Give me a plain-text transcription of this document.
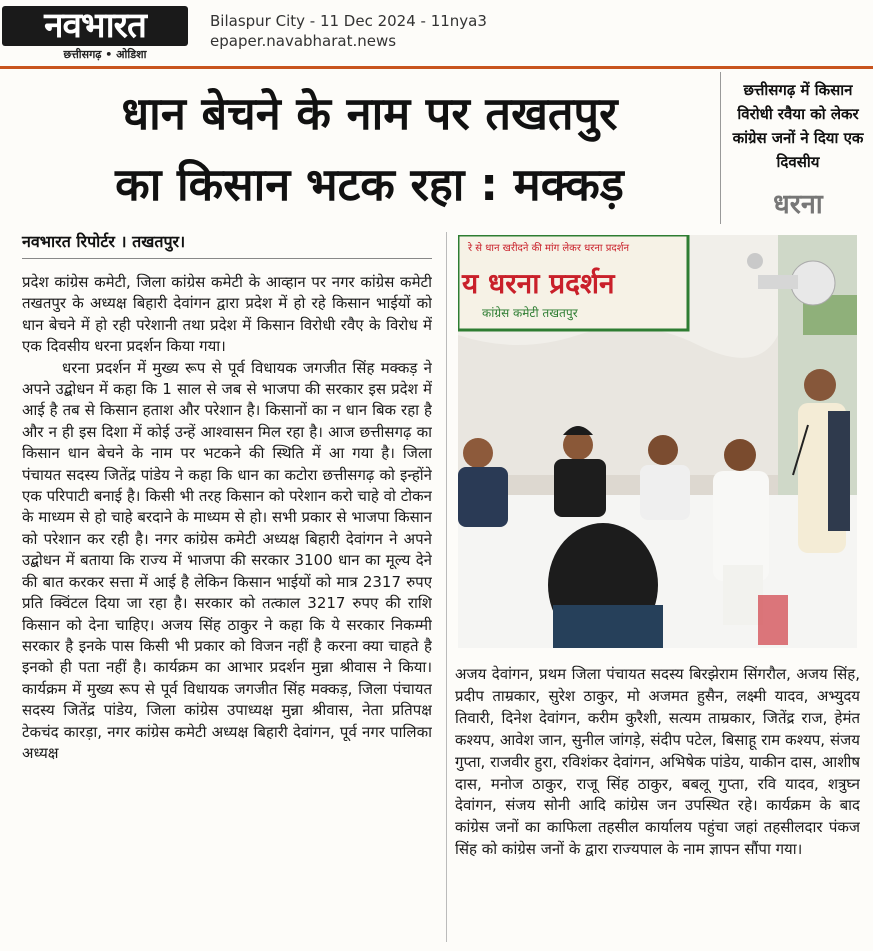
नवभारत
छत्तीसगढ़ • ओडिशा
Bilaspur City - 11 Dec 2024 - 11nya3
epaper.navabharat.news
धान बेचने के नाम पर तखतपुर
का किसान भटक रहा : मक्कड़
छत्तीसगढ़ में किसान विरोधी रवैया को लेकर कांग्रेस जनों ने दिया एक दिवसीय
धरना
नवभारत रिपोर्टर । तखतपुर।

प्रदेश कांग्रेस कमेटी, जिला कांग्रेस कमेटी के आव्हान पर नगर कांग्रेस कमेटी तखतपुर के अध्यक्ष बिहारी देवांगन द्वारा प्रदेश में हो रहे किसान भाईयों को धान बेचने में हो रही परेशानी तथा प्रदेश में किसान विरोधी रवैए के विरोध में एक दिवसीय धरना प्रदर्शन किया गया।

धरना प्रदर्शन में मुख्य रूप से पूर्व विधायक जगजीत सिंह मक्कड़ ने अपने उद्बोधन में कहा कि 1 साल से जब से भाजपा की सरकार इस प्रदेश में आई है तब से किसान हताश और परेशान है। किसानों का न धान बिक रहा है और न ही इस दिशा में कोई उन्हें आश्वासन मिल रहा है। आज छत्तीसगढ़ का किसान धान बेचने के नाम पर भटकने की स्थिति में आ गया है। जिला पंचायत सदस्य जितेंद्र पांडेय ने कहा कि धान का कटोरा छत्तीसगढ़ को इन्होंने एक परिपाटी बनाई है। किसी भी तरह किसान को परेशान करो चाहे वो टोकन के माध्यम से हो चाहे बरदाने के माध्यम से हो। सभी प्रकार से भाजपा किसान को परेशान कर रही है। नगर कांग्रेस कमेटी अध्यक्ष बिहारी देवांगन ने अपने उद्बोधन में बताया कि राज्य में भाजपा की सरकार 3100 धान का मूल्य देने की बात करकर सत्ता में आई है लेकिन किसान भाईयों को मात्र 2317 रुपए प्रति क्विंटल दिया जा रहा है। सरकार को तत्काल 3217 रुपए की राशि किसान को देना चाहिए। अजय सिंह ठाकुर ने कहा कि ये सरकार निकम्मी सरकार है इनके पास किसी भी प्रकार को विजन नहीं है करना क्या चाहते है इनको ही पता नहीं है। कार्यक्रम का आभार प्रदर्शन मुन्ना श्रीवास ने किया। कार्यक्रम में मुख्य रूप से पूर्व विधायक जगजीत सिंह मक्कड़, जिला पंचायत सदस्य जितेंद्र पांडेय, जिला कांग्रेस उपाध्यक्ष मुन्ना श्रीवास, नेता प्रतिपक्ष टेकचंद कारड़ा, नगर कांग्रेस कमेटी अध्यक्ष बिहारी देवांगन, पूर्व नगर पालिका अध्यक्ष

रे से धान खरीदने की मांग लेकर धरना प्रदर्शन
य धरना प्रदर्शन
कांग्रेस कमेटी तखतपुर

अजय देवांगन, प्रथम जिला पंचायत सदस्य बिरझेराम सिंगरौल, अजय सिंह, प्रदीप ताम्रकार, सुरेश ठाकुर, मो अजमत हुसैन, लक्ष्मी यादव, अभ्युदय तिवारी, दिनेश देवांगन, करीम कुरैशी, सत्यम ताम्रकार, जितेंद्र राज, हेमंत कश्यप, आवेश जान, सुनील जांगड़े, संदीप पटेल, बिसाहू राम कश्यप, संजय गुप्ता, राजवीर हुरा, रविशंकर देवांगन, अभिषेक पांडेय, याकीन दास, आशीष दास, मनोज ठाकुर, राजू सिंह ठाकुर, बबलू गुप्ता, रवि यादव, शत्रुघ्न देवांगन, संजय सोनी आदि कांग्रेस जन उपस्थित रहे। कार्यक्रम के बाद कांग्रेस जनों का काफिला तहसील कार्यालय पहुंचा जहां तहसीलदार पंकज सिंह को कांग्रेस जनों के द्वारा राज्यपाल के नाम ज्ञापन सौंपा गया।
